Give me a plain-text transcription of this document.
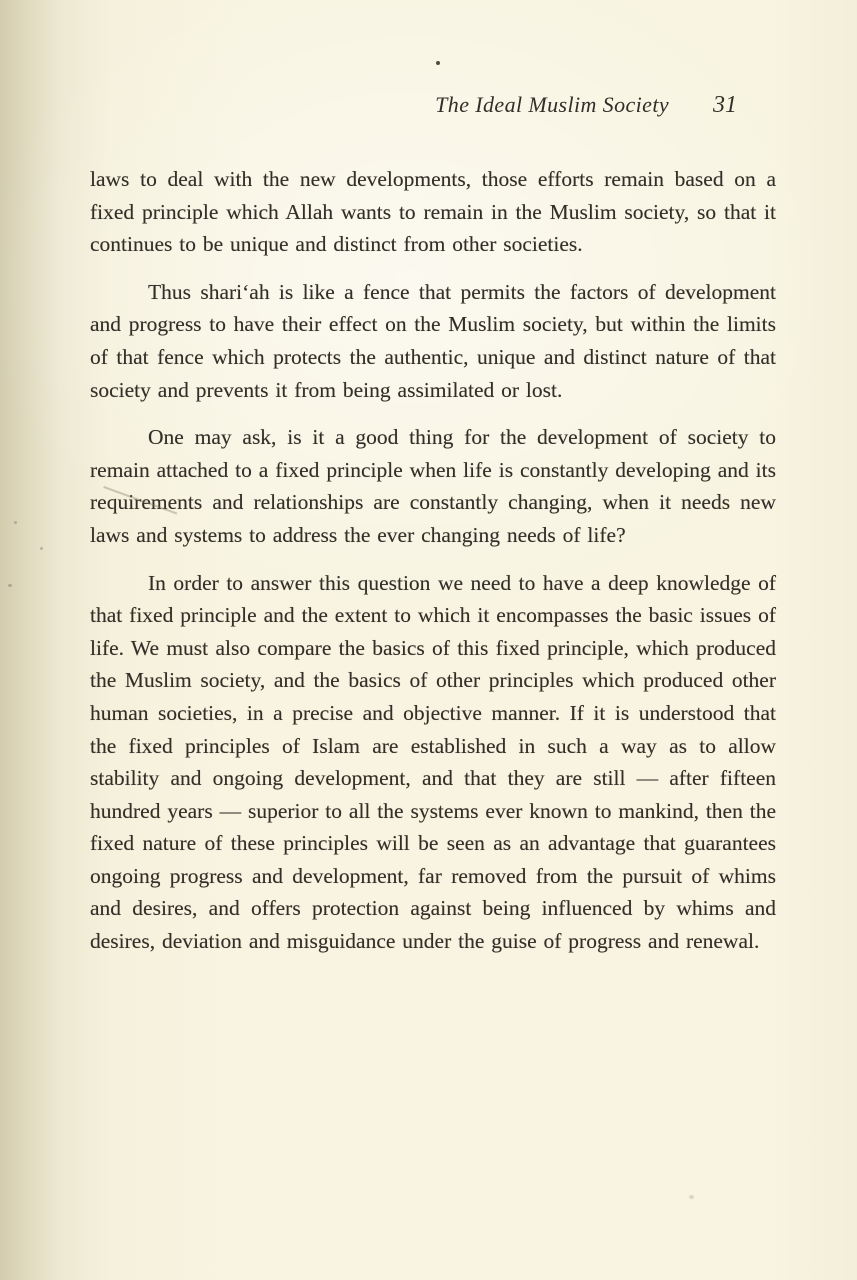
The Ideal Muslim Society 31

laws to deal with the new developments, those efforts remain based on a fixed principle which Allah wants to remain in the Muslim society, so that it continues to be unique and distinct from other societies.

Thus shari‘ah is like a fence that permits the factors of development and progress to have their effect on the Muslim society, but within the limits of that fence which protects the authentic, unique and distinct nature of that society and prevents it from being assimilated or lost.

One may ask, is it a good thing for the development of society to remain attached to a fixed principle when life is constantly developing and its requirements and relationships are constantly changing, when it needs new laws and systems to address the ever changing needs of life?

In order to answer this question we need to have a deep knowledge of that fixed principle and the extent to which it encompasses the basic issues of life. We must also compare the basics of this fixed principle, which produced the Muslim society, and the basics of other principles which produced other human societies, in a precise and objective manner. If it is understood that the fixed principles of Islam are established in such a way as to allow stability and ongoing development, and that they are still — after fifteen hundred years — superior to all the systems ever known to mankind, then the fixed nature of these principles will be seen as an advantage that guarantees ongoing progress and development, far removed from the pursuit of whims and desires, and offers protection against being influenced by whims and desires, deviation and misguidance under the guise of progress and renewal.
